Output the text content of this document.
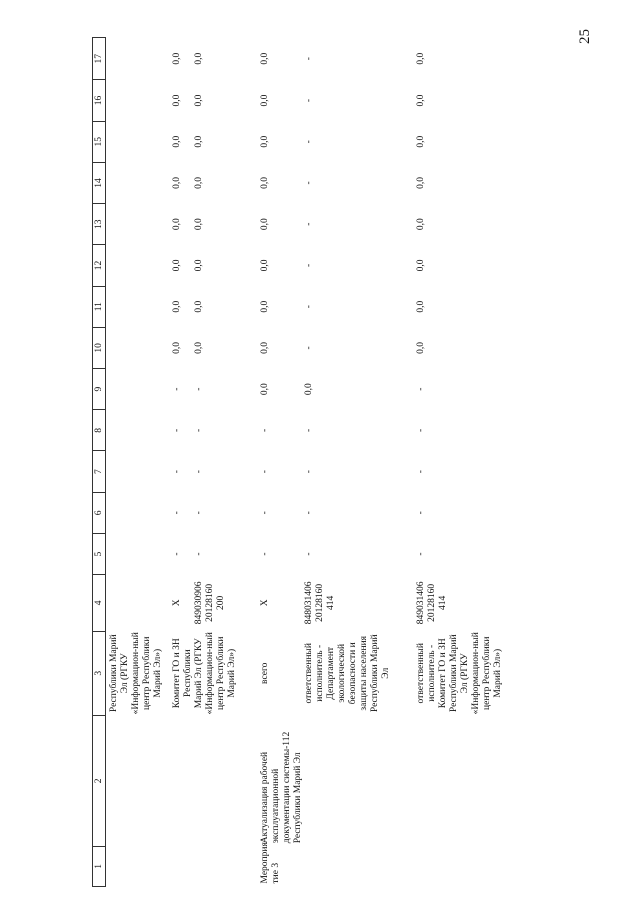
25
1	2	3	4	5	6	7	8	9	10	11	12	13	14	15	16	17
		Республики Марий Эл (РГКУ «Информацион-ный центр Республики Марий Эл»)														
		Комитет ГО и ЗН Республики	Х	-	-	-	-	-	0,0	0,0	0,0	0,0	0,0	0,0	0,0	0,0
		Марий Эл (РГКУ «Информацион-ный центр Республики Марий Эл»)	849030906 20128160 200	-	-	-	-	-	0,0	0,0	0,0	0,0	0,0	0,0	0,0	0,0
Мероприя-тие 3	Актуализация рабочей эксплуатационной документации системы-112 Республики Марий Эл	всего	Х	-	-	-	-	0,0	0,0	0,0	0,0	0,0	0,0	0,0	0,0	0,0
		ответственный исполнитель - Департамент экологической безопасности и защиты населения Республики Марий Эл	848031406 20128160 414	-	-	-	-	0,0	-	-	-	-	-	-	-	-
		ответственный исполнитель - Комитет ГО и ЗН Республики Марий Эл (РГКУ «Информацион-ный центр Республики Марий Эл»)	849031406 20128160 414	-	-	-	-	-	0,0	0,0	0,0	0,0	0,0	0,0	0,0	0,0
